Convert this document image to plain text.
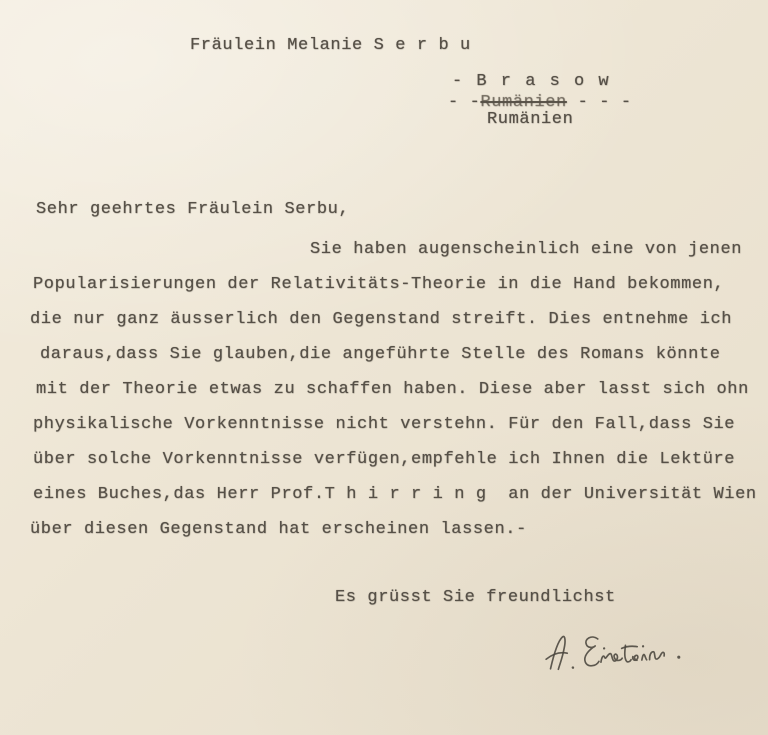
Fräulein Melanie S e r b u
- B r a s o w
- -Rumänien - - -
Rumänien
Sehr geehrtes Fräulein Serbu,
Sie haben augenscheinlich eine von jenen
Popularisierungen der Relativitäts-Theorie in die Hand bekommen,
die nur ganz äusserlich den Gegenstand streift. Dies entnehme ich
daraus,dass Sie glauben,die angeführte Stelle des Romans könnte
mit der Theorie etwas zu schaffen haben. Diese aber lasst sich ohn
physikalische Vorkenntnisse nicht verstehn. Für den Fall,dass Sie
über solche Vorkenntnisse verfügen,empfehle ich Ihnen die Lektüre
eines Buches,das Herr Prof.T h i r r i n g  an der Universität Wien
über diesen Gegenstand hat erscheinen lassen.-
Es grüsst Sie freundlichst
